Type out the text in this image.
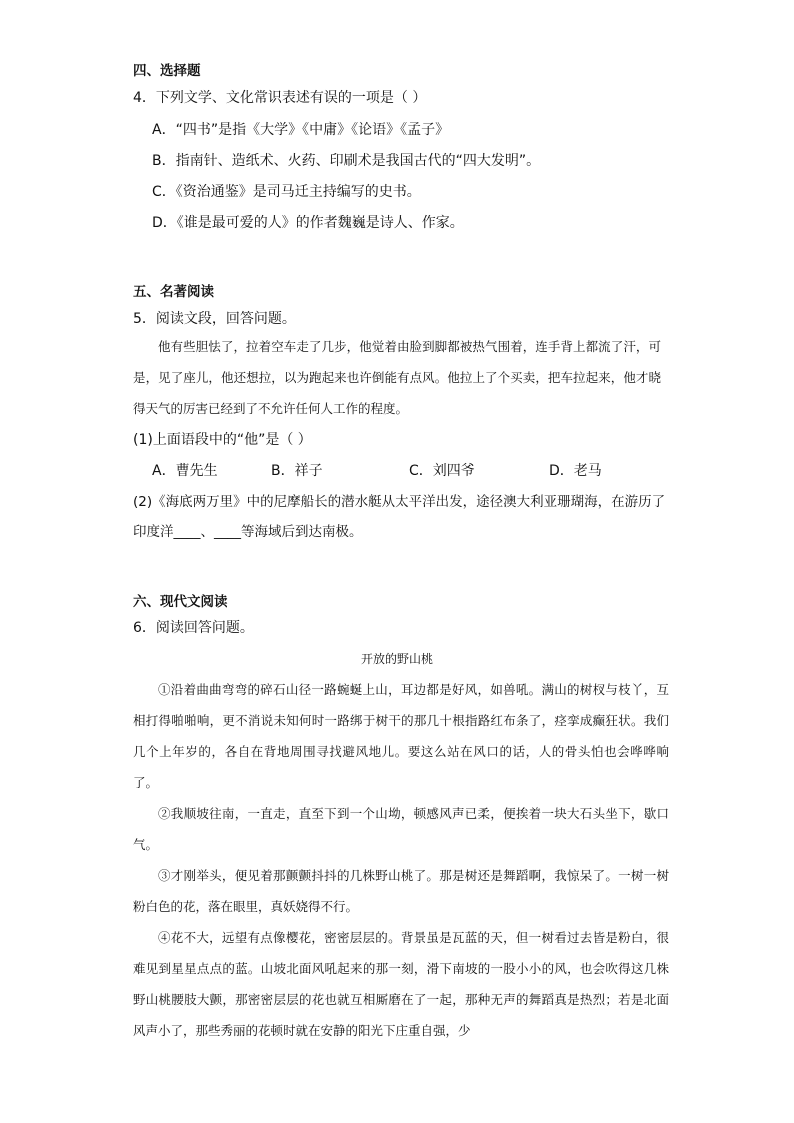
四、选择题
4．下列文学、文化常识表述有误的一项是（ ）
A．“四书”是指《大学》《中庸》《论语》《孟子》
B．指南针、造纸术、火药、印刷术是我国古代的“四大发明”。
C．《资治通鉴》是司马迁主持编写的史书。
D．《谁是最可爱的人》的作者魏巍是诗人、作家。
五、名著阅读
5．阅读文段，回答问题。

他有些胆怯了，拉着空车走了几步，他觉着由脸到脚都被热气围着，连手背上都流了汗，可是，见了座儿，他还想拉，以为跑起来也许倒能有点风。他拉上了个买卖，把车拉起来，他才晓得天气的厉害已经到了不允许任何人工作的程度。

(1)上面语段中的“他”是（ ）
A．曹先生	B．祥子	C．刘四爷	D．老马
(2)《海底两万里》中的尼摩船长的潜水艇从太平洋出发，途径澳大利亚珊瑚海，在游历了印度洋____、____等海域后到达南极。
六、现代文阅读
6．阅读回答问题。
开放的野山桃

①沿着曲曲弯弯的碎石山径一路蜿蜒上山，耳边都是好风，如兽吼。满山的树杈与枝丫，互相打得啪啪响，更不消说未知何时一路绑于树干的那几十根指路红布条了，痉挛成癫狂状。我们几个上年岁的，各自在背地周围寻找避风地儿。要这么站在风口的话，人的骨头怕也会哗哗响了。

②我顺坡往南，一直走，直至下到一个山坳，顿感风声已柔，便挨着一块大石头坐下，歇口气。

③才刚举头，便见着那颤颤抖抖的几株野山桃了。那是树还是舞蹈啊，我惊呆了。一树一树粉白色的花，落在眼里，真妖娆得不行。

④花不大，远望有点像樱花，密密层层的。背景虽是瓦蓝的天，但一树看过去皆是粉白，很难见到星星点点的蓝。山坡北面风吼起来的那一刻，滑下南坡的一股小小的风，也会吹得这几株野山桃腰肢大颤，那密密层层的花也就互相厮磨在了一起，那种无声的舞蹈真是热烈；若是北面风声小了，那些秀丽的花顿时就在安静的阳光下庄重自强，少
